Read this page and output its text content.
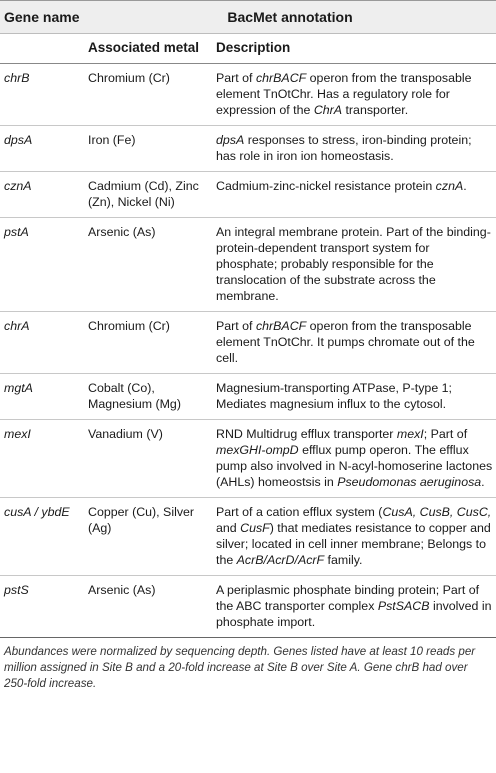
Gene name	BacMet annotation	
	Associated metal	Description
chrB	Chromium (Cr)	Part of chrBACF operon from the transposable element TnOtChr. Has a regulatory role for expression of the ChrA transporter.
dpsA	Iron (Fe)	dpsA responses to stress, iron-binding protein; has role in iron ion homeostasis.
cznA	Cadmium (Cd), Zinc (Zn), Nickel (Ni)	Cadmium-zinc-nickel resistance protein cznA.
pstA	Arsenic (As)	An integral membrane protein. Part of the binding-protein-dependent transport system for phosphate; probably responsible for the translocation of the substrate across the membrane.
chrA	Chromium (Cr)	Part of chrBACF operon from the transposable element TnOtChr. It pumps chromate out of the cell.
mgtA	Cobalt (Co), Magnesium (Mg)	Magnesium-transporting ATPase, P-type 1; Mediates magnesium influx to the cytosol.
mexI	Vanadium (V)	RND Multidrug efflux transporter mexI; Part of mexGHI-ompD efflux pump operon. The efflux pump also involved in N-acyl-homoserine lactones (AHLs) homeostsis in Pseudomonas aeruginosa.
cusA / ybdE	Copper (Cu), Silver (Ag)	Part of a cation efflux system (CusA, CusB, CusC, and CusF) that mediates resistance to copper and silver; located in cell inner membrane; Belongs to the AcrB/AcrD/AcrF family.
pstS	Arsenic (As)	A periplasmic phosphate binding protein; Part of the ABC transporter complex PstSACB involved in phosphate import.
Abundances were normalized by sequencing depth. Genes listed have at least 10 reads per million assigned in Site B and a 20-fold increase at Site B over Site A. Gene chrB had over 250-fold increase.
